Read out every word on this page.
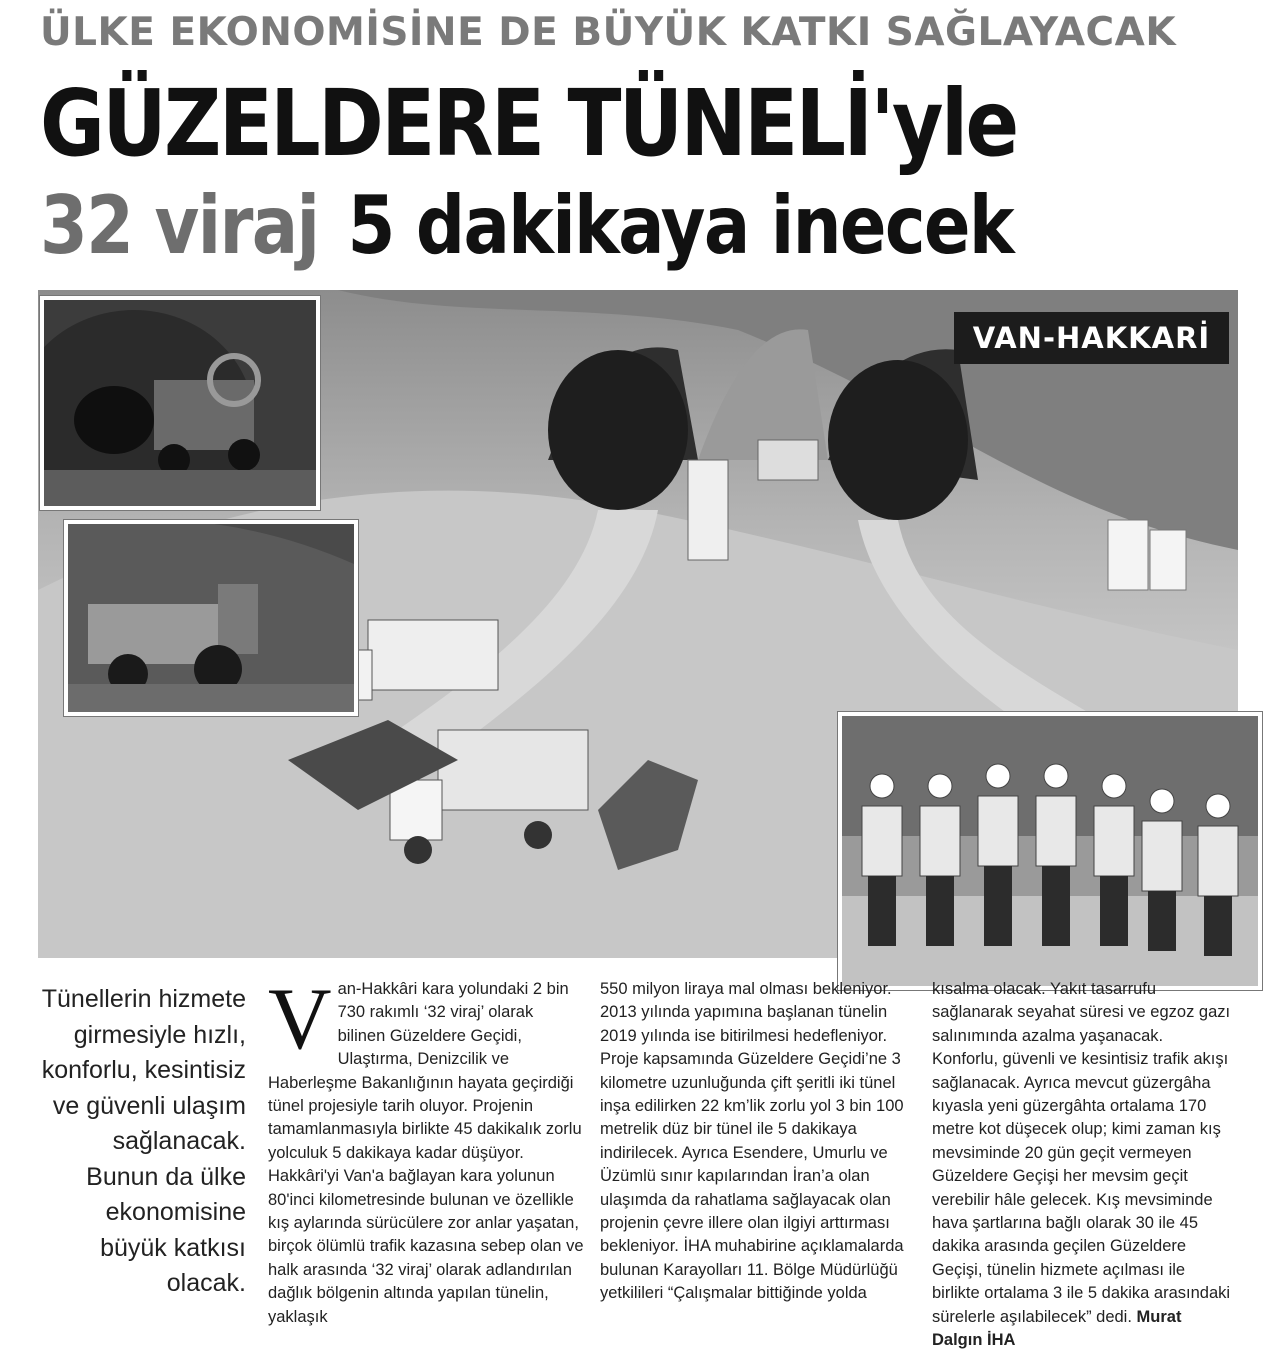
ÜLKE EKONOMİSİNE DE BÜYÜK KATKI SAĞLAYACAK
GÜZELDERE TÜNELİ'yle
32 viraj 5 dakikaya inecek
VAN-HAKKARİ
Tünellerin hizmete girmesiyle hızlı, konforlu, kesintisiz ve güvenli ulaşım sağlanacak. Bunun da ülke ekonomisine büyük katkısı olacak.
Van-Hakkâri kara yolundaki 2 bin 730 rakımlı ‘32 viraj’ olarak bilinen Güzeldere Geçidi, Ulaştırma, Denizcilik ve Haberleşme Bakanlığının hayata geçirdiği tünel projesiyle tarih oluyor. Projenin tamamlanmasıyla birlikte 45 dakikalık zorlu yolculuk 5 dakikaya kadar düşüyor. Hakkâri'yi Van'a bağlayan kara yolunun 80'inci kilometresinde bulunan ve özellikle kış aylarında sürücülere zor anlar yaşatan, birçok ölümlü trafik kazasına sebep olan ve halk arasında ‘32 viraj’ olarak adlandırılan dağlık bölgenin altında yapılan tünelin, yaklaşık
550 milyon liraya mal olması bekleniyor. 2013 yılında yapımına başlanan tünelin 2019 yılında ise bitirilmesi hedefleniyor. Proje kapsamında Güzeldere Geçidi’ne 3 kilometre uzunluğunda çift şeritli iki tünel inşa edilirken 22 km’lik zorlu yol 3 bin 100 metrelik düz bir tünel ile 5 dakikaya indirilecek. Ayrıca Esendere, Umurlu ve Üzümlü sınır kapılarından İran’a olan ulaşımda da rahatlama sağlayacak olan projenin çevre illere olan ilgiyi arttırması bekleniyor. İHA muhabirine açıklamalarda bulunan Karayolları 11. Bölge Müdürlüğü yetkilileri “Çalışmalar bittiğinde yolda
kısalma olacak. Yakıt tasarrufu sağlanarak seyahat süresi ve egzoz gazı salınımında azalma yaşanacak. Konforlu, güvenli ve kesintisiz trafik akışı sağlanacak. Ayrıca mevcut güzergâha kıyasla yeni güzergâhta ortalama 170 metre kot düşecek olup; kimi zaman kış mevsiminde 20 gün geçit vermeyen Güzeldere Geçişi her mevsim geçit verebilir hâle gelecek. Kış mevsiminde hava şartlarına bağlı olarak 30 ile 45 dakika arasında geçilen Güzeldere Geçişi, tünelin hizmete açılması ile birlikte ortalama 3 ile 5 dakika arasındaki sürelerle aşılabilecek” dedi. Murat Dalgın İHA
